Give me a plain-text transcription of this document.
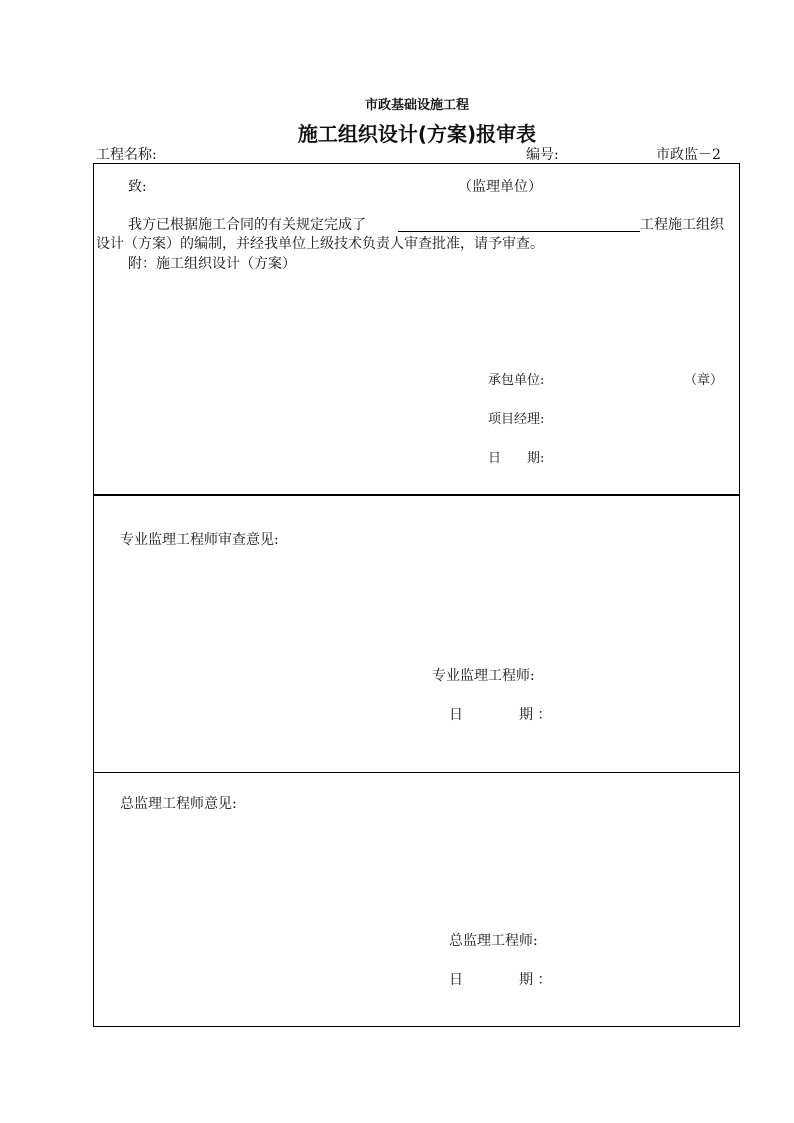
市政基础设施工程
施工组织设计(方案)报审表
工程名称:	编号:	市政监－2
致:	（监理单位）
我方已根据施工合同的有关规定完成了	工程施工组织
设计（方案）的编制，并经我单位上级技术负责人审查批准，请予审查。
附：施工组织设计（方案）
承包单位:	（章）
项目经理:
日　　期:
专业监理工程师审查意见:
专业监理工程师:
日　　　　期 ：
总监理工程师意见:
总监理工程师:
日　　　　期 ：
